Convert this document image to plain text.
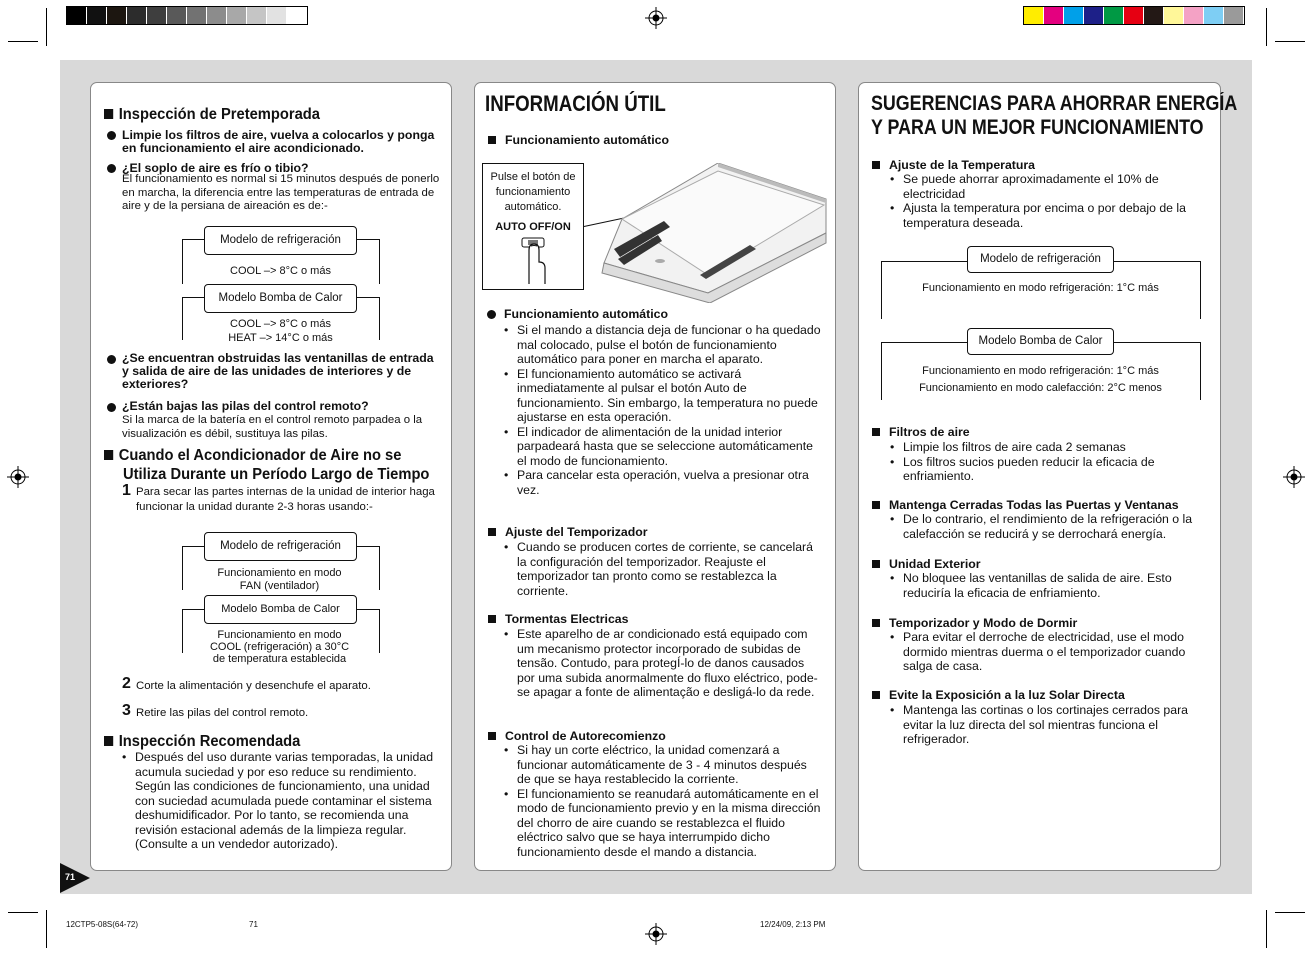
Inspección de Pretemporada
Limpie los filtros de aire, vuelva a colocarlos y ponga en funcionamiento el aire acondicionado.
¿El soplo de aire es frío o tibio?
El funcionamiento es normal si 15 minutos después de ponerlo en marcha, la diferencia entre las temperaturas de entrada de aire y de la persiana de aireación es de:-
Modelo de refrigeración
COOL –> 8°C o más
Modelo Bomba de Calor
COOL –> 8°C o más
HEAT –> 14°C o más
¿Se encuentran obstruidas las ventanillas de entrada y salida de aire de las unidades de interiores y de exteriores?
¿Están bajas las pilas del control remoto?
Si la marca de la batería en el control remoto parpadea o la visualización es débil, sustituya las pilas.
Cuando el Acondicionador de Aire no se
Utiliza Durante un Período Largo de Tiempo
1 Para secar las partes internas de la unidad de interior haga funcionar la unidad durante 2-3 horas usando:-
Modelo de refrigeración
Funcionamiento en modo
FAN (ventilador)
Modelo Bomba de Calor
Funcionamiento en modo
COOL (refrigeración) a 30°C
de temperatura establecida
2 Corte la alimentación y desenchufe el aparato.
3 Retire las pilas del control remoto.
Inspección Recomendada
• Después del uso durante varias temporadas, la unidad acumula suciedad y por eso reduce su rendimiento. Según las condiciones de funcionamiento, una unidad con suciedad acumulada puede contaminar el sistema deshumidificador. Por lo tanto, se recomienda una revisión estacional además de la limpieza regular. (Consulte a un vendedor autorizado).
71
INFORMACIÓN ÚTIL
Funcionamiento automático
Pulse el botón de
funcionamiento
automático.
AUTO OFF/ON
Funcionamiento automático
• Si el mando a distancia deja de funcionar o ha quedado mal colocado, pulse el botón de funcionamiento automático para poner en marcha el aparato.
• El funcionamiento automático se activará inmediatamente al pulsar el botón Auto de funcionamiento. Sin embargo, la temperatura no puede ajustarse en esta operación.
• El indicador de alimentación de la unidad interior parpadeará hasta que se seleccione automáticamente el modo de funcionamiento.
• Para cancelar esta operación, vuelva a presionar otra vez.
Ajuste del Temporizador
• Cuando se producen cortes de corriente, se cancelará la configuración del temporizador. Reajuste el temporizador tan pronto como se restablezca la corriente.
Tormentas Electricas
• Este aparelho de ar condicionado está equipado com um mecanismo protector incorporado de subidas de tensão. Contudo, para protegÍ-lo de danos causados por uma subida anormalmente do fluxo eléctrico, pode-se apagar a fonte de alimentação e desligá-lo da rede.
Control de Autorecomienzo
• Si hay un corte eléctrico, la unidad comenzará a funcionar automáticamente de 3 - 4 minutos después de que se haya restablecido la corriente.
• El funcionamiento se reanudará automáticamente en el modo de funcionamiento previo y en la misma dirección del chorro de aire cuando se restablezca el fluido eléctrico salvo que se haya interrumpido dicho funcionamiento desde el mando a distancia.
SUGERENCIAS PARA AHORRAR ENERGÍA
Y PARA UN MEJOR FUNCIONAMIENTO
Ajuste de la Temperatura
• Se puede ahorrar aproximadamente el 10% de electricidad
• Ajusta la temperatura por encima o por debajo de la temperatura deseada.
Modelo de refrigeración
Funcionamiento en modo refrigeración: 1°C más
Modelo Bomba de Calor
Funcionamiento en modo refrigeración: 1°C más
Funcionamiento en modo calefacción: 2°C menos
Filtros de aire
• Limpie los filtros de aire cada 2 semanas
• Los filtros sucios pueden reducir la eficacia de enfriamiento.
Mantenga Cerradas Todas las Puertas y Ventanas
• De lo contrario, el rendimiento de la refrigeración o la calefacción se reducirá y se derrochará energía.
Unidad Exterior
• No bloquee las ventanillas de salida de aire. Esto reduciría la eficacia de enfriamiento.
Temporizador y Modo de Dormir
• Para evitar el derroche de electricidad, use el modo dormido mientras duerma o el temporizador cuando salga de casa.
Evite la Exposición a la luz Solar Directa
• Mantenga las cortinas o los cortinajes cerrados para evitar la luz directa del sol mientras funciona el refrigerador.
12CTP5-08S(64-72)	71	12/24/09, 2:13 PM
